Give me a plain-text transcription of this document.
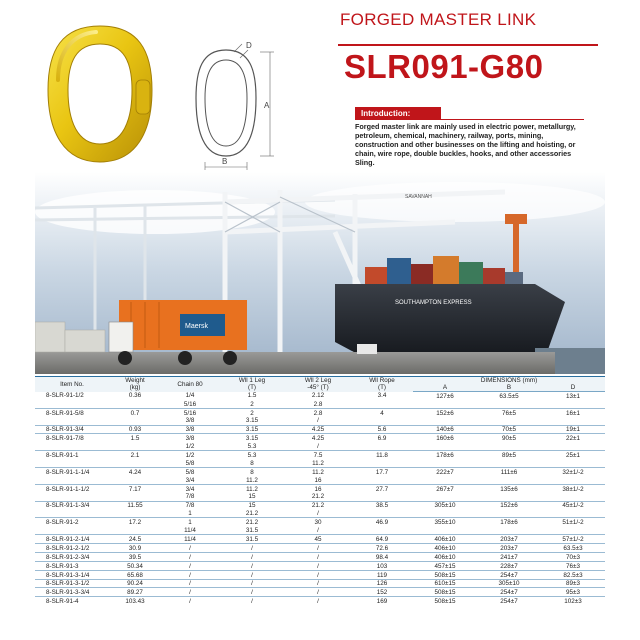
A
B
D
FORGED MASTER LINK
SLR091-G80
Introduction:
Forged master link are mainly used in electric power, metallurgy, petroleum, chemical, machinery, railway, ports, mining, construction and other businesses on the lifting and hoisting, or chain, wire rope, double buckles, hooks, and other accessories Sling.
SOUTHAMPTON EXPRESS
SAVANNAH
Maersk
Item No.	Weight
(kg)	Chain 80	Wll 1 Leg
(T)	Wll 2 Leg
-45° (T)	Wll Rope
(T)	DIMENSIONS (mm)		
						A	B	D
8-SLR-91-1/2	0.36	1/4	1.5	2.12	3.4	127±6	63.5±5	13±1
		5/16	2	2.8				
8-SLR-91-5/8	0.7	5/16	2	2.8	4	152±6	76±5	16±1
		3/8	3.15	/				
8-SLR-91-3/4	0.93	3/8	3.15	4.25	5.6	140±6	70±5	19±1
8-SLR-91-7/8	1.5	3/8	3.15	4.25	6.9	160±6	90±5	22±1
		1/2	5.3	/				
8-SLR-91-1	2.1	1/2	5.3	7.5	11.8	178±6	89±5	25±1
		5/8	8	11.2				
8-SLR-91-1-1/4	4.24	5/8	8	11.2	17.7	222±7	111±6	32±1/-2
		3/4	11.2	16				
8-SLR-91-1-1/2	7.17	3/4	11.2	16	27.7	267±7	135±6	38±1/-2
		7/8	15	21.2				
8-SLR-91-1-3/4	11.55	7/8	15	21.2	38.5	305±10	152±6	45±1/-2
		1	21.2	/				
8-SLR-91-2	17.2	1	21.2	30	46.9	355±10	178±6	51±1/-2
		11/4	31.5	/				
8-SLR-91-2-1/4	24.5	11/4	31.5	45	64.9	406±10	203±7	57±1/-2
8-SLR-91-2-1/2	30.9	/	/	/	72.6	406±10	203±7	63.5±3
8-SLR-91-2-3/4	39.5	/	/	/	98.4	406±10	241±7	70±3
8-SLR-91-3	50.34	/	/	/	103	457±15	228±7	76±3
8-SLR-91-3-1/4	65.68	/	/	/	119	508±15	254±7	82.5±3
8-SLR-91-3-1/2	90.24	/	/	/	126	610±15	305±10	89±3
8-SLR-91-3-3/4	89.27	/	/	/	152	508±15	254±7	95±3
8-SLR-91-4	103.43	/	/	/	169	508±15	254±7	102±3
